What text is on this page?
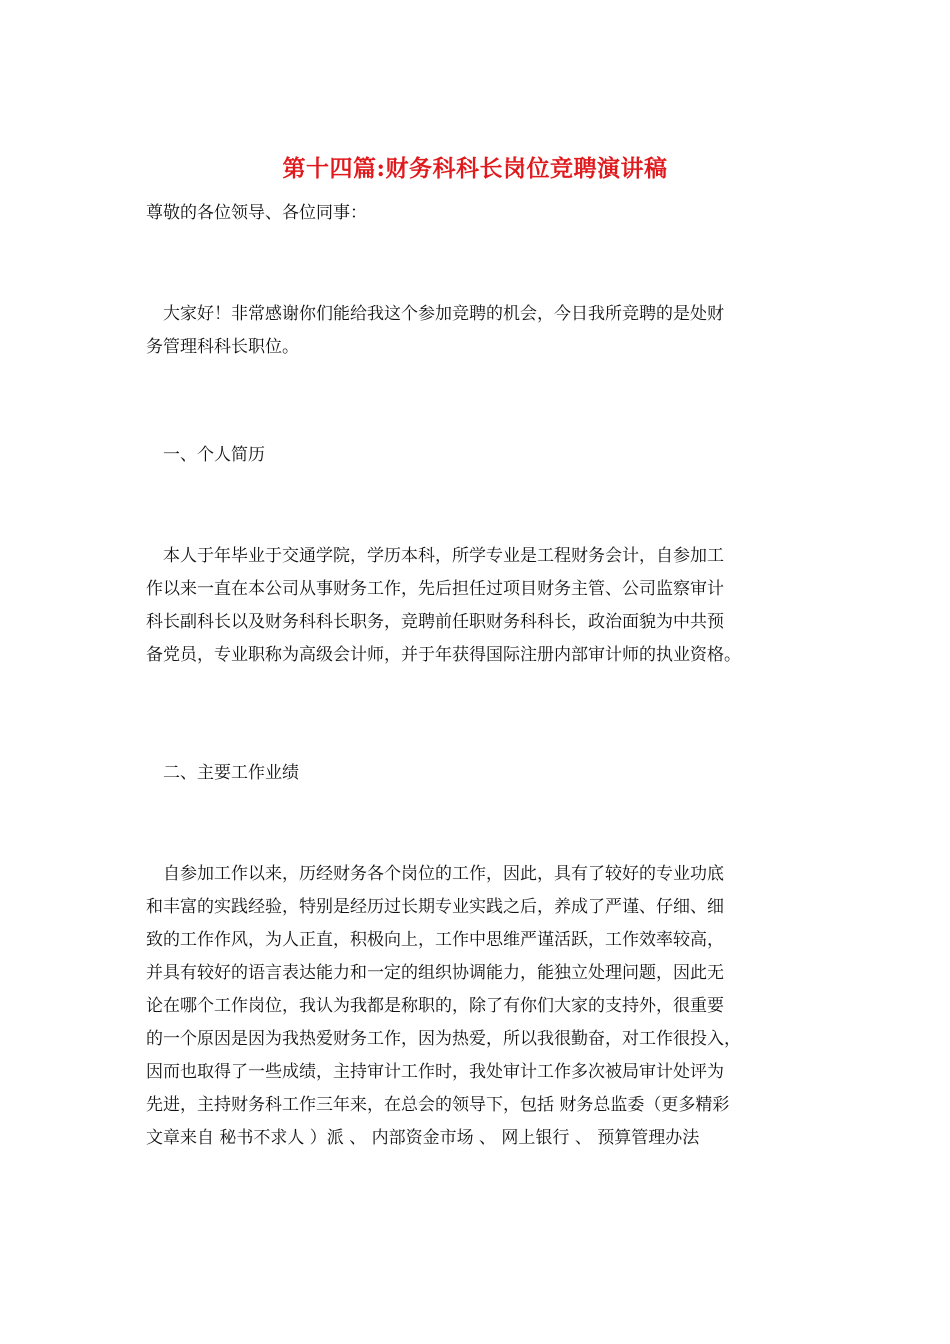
第十四篇:财务科科长岗位竞聘演讲稿
尊敬的各位领导、各位同事：
大家好！非常感谢你们能给我这个参加竞聘的机会，今日我所竞聘的是处财
务管理科科长职位。
一、个人简历
本人于年毕业于交通学院，学历本科，所学专业是工程财务会计，自参加工
作以来一直在本公司从事财务工作，先后担任过项目财务主管、公司监察审计
科长副科长以及财务科科长职务，竞聘前任职财务科科长，政治面貌为中共预
备党员，专业职称为高级会计师，并于年获得国际注册内部审计师的执业资格。
二、主要工作业绩
自参加工作以来，历经财务各个岗位的工作，因此，具有了较好的专业功底
和丰富的实践经验，特别是经历过长期专业实践之后，养成了严谨、仔细、细
致的工作作风，为人正直，积极向上，工作中思维严谨活跃，工作效率较高，
并具有较好的语言表达能力和一定的组织协调能力，能独立处理问题，因此无
论在哪个工作岗位，我认为我都是称职的，除了有你们大家的支持外，很重要
的一个原因是因为我热爱财务工作，因为热爱，所以我很勤奋，对工作很投入，
因而也取得了一些成绩，主持审计工作时，我处审计工作多次被局审计处评为
先进，主持财务科工作三年来，在总会的领导下，包括 财务总监委（更多精彩
文章来自 秘书不求人 ）派 、 内部资金市场 、 网上银行 、 预算管理办法
